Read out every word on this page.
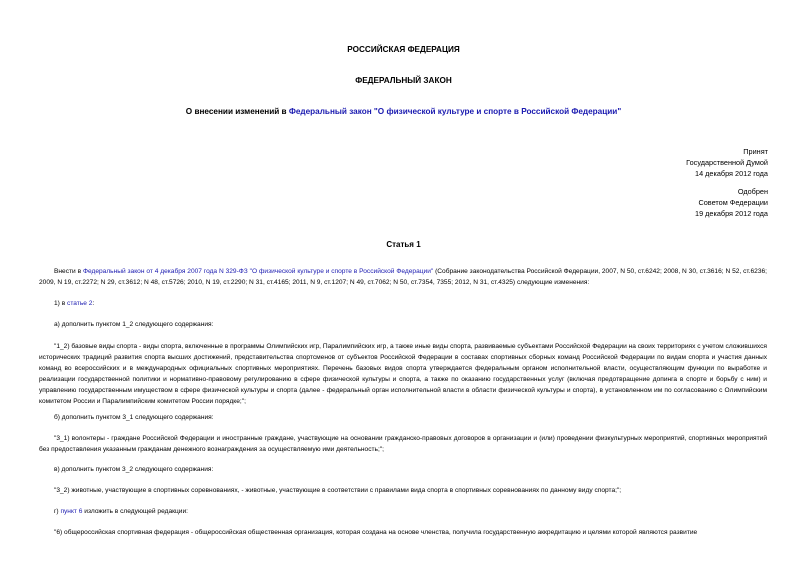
РОССИЙСКАЯ ФЕДЕРАЦИЯ
ФЕДЕРАЛЬНЫЙ ЗАКОН
О внесении изменений в Федеральный закон "О физической культуре и спорте в Российской Федерации"
Принят
Государственной Думой
14 декабря 2012 года
Одобрен
Советом Федерации
19 декабря 2012 года
Статья 1
Внести в Федеральный закон от 4 декабря 2007 года N 329-ФЗ "О физической культуре и спорте в Российской Федерации" (Собрание законодательства Российской Федерации, 2007, N 50, ст.6242; 2008, N 30, ст.3616; N 52, ст.6236; 2009, N 19, ст.2272; N 29, ст.3612; N 48, ст.5726; 2010, N 19, ст.2290; N 31, ст.4165; 2011, N 9, ст.1207; N 49, ст.7062; N 50, ст.7354, 7355; 2012, N 31, ст.4325) следующие изменения:
1) в статье 2:
а) дополнить пунктом 1_2 следующего содержания:
"1_2) базовые виды спорта - виды спорта, включенные в программы Олимпийских игр, Паралимпийских игр, а также иные виды спорта, развиваемые субъектами Российской Федерации на своих территориях с учетом сложившихся исторических традиций развития спорта высших достижений, представительства спортсменов от субъектов Российской Федерации в составах спортивных сборных команд Российской Федерации по видам спорта и участия данных команд во всероссийских и в международных официальных спортивных мероприятиях. Перечень базовых видов спорта утверждается федеральным органом исполнительной власти, осуществляющим функции по выработке и реализации государственной политики и нормативно-правовому регулированию в сфере физической культуры и спорта, а также по оказанию государственных услуг (включая предотвращение допинга в спорте и борьбу с ним) и управлению государственным имуществом в сфере физической культуры и спорта (далее - федеральный орган исполнительной власти в области физической культуры и спорта), в установленном им по согласованию с Олимпийским комитетом России и Паралимпийским комитетом России порядке;";
б) дополнить пунктом 3_1 следующего содержания:
"3_1) волонтеры - граждане Российской Федерации и иностранные граждане, участвующие на основании гражданско-правовых договоров в организации и (или) проведении физкультурных мероприятий, спортивных мероприятий без предоставления указанным гражданам денежного вознаграждения за осуществляемую ими деятельность;";
в) дополнить пунктом 3_2 следующего содержания:
"3_2) животные, участвующие в спортивных соревнованиях, - животные, участвующие в соответствии с правилами вида спорта в спортивных соревнованиях по данному виду спорта;";
г) пункт 6 изложить в следующей редакции:
"6) общероссийская спортивная федерация - общероссийская общественная организация, которая создана на основе членства, получила государственную аккредитацию и целями которой являются развитие
